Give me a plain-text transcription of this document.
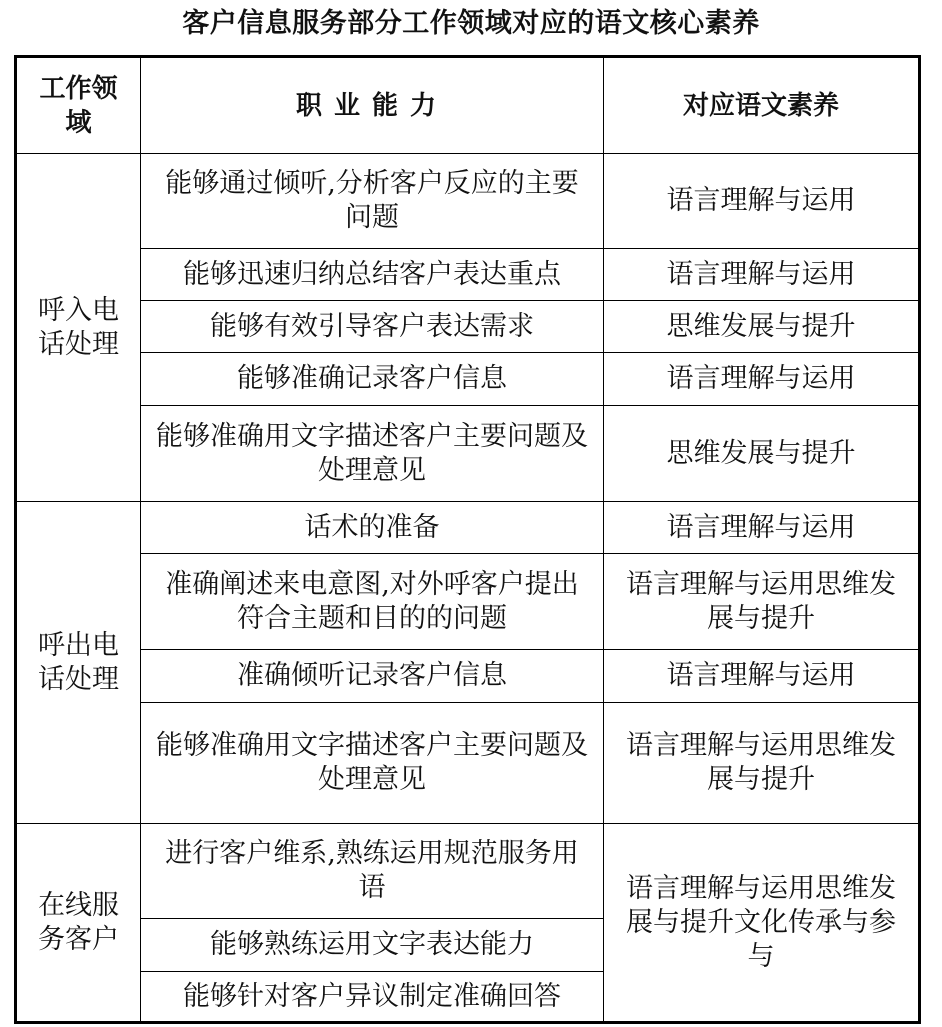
客户信息服务部分工作领域对应的语文核心素养
工作领域	职业能力	对应语文素养
呼入电话处理	能够通过倾听,分析客户反应的主要问题	语言理解与运用
	能够迅速归纳总结客户表达重点	语言理解与运用
	能够有效引导客户表达需求	思维发展与提升
	能够准确记录客户信息	语言理解与运用
	能够准确用文字描述客户主要问题及处理意见	思维发展与提升
呼出电话处理	话术的准备	语言理解与运用
	准确阐述来电意图,对外呼客户提出符合主题和目的的问题	语言理解与运用思维发展与提升
	准确倾听记录客户信息	语言理解与运用
	能够准确用文字描述客户主要问题及处理意见	语言理解与运用思维发展与提升
在线服务客户	进行客户维系,熟练运用规范服务用语	语言理解与运用思维发展与提升文化传承与参与
	能够熟练运用文字表达能力	
	能够针对客户异议制定准确回答	
